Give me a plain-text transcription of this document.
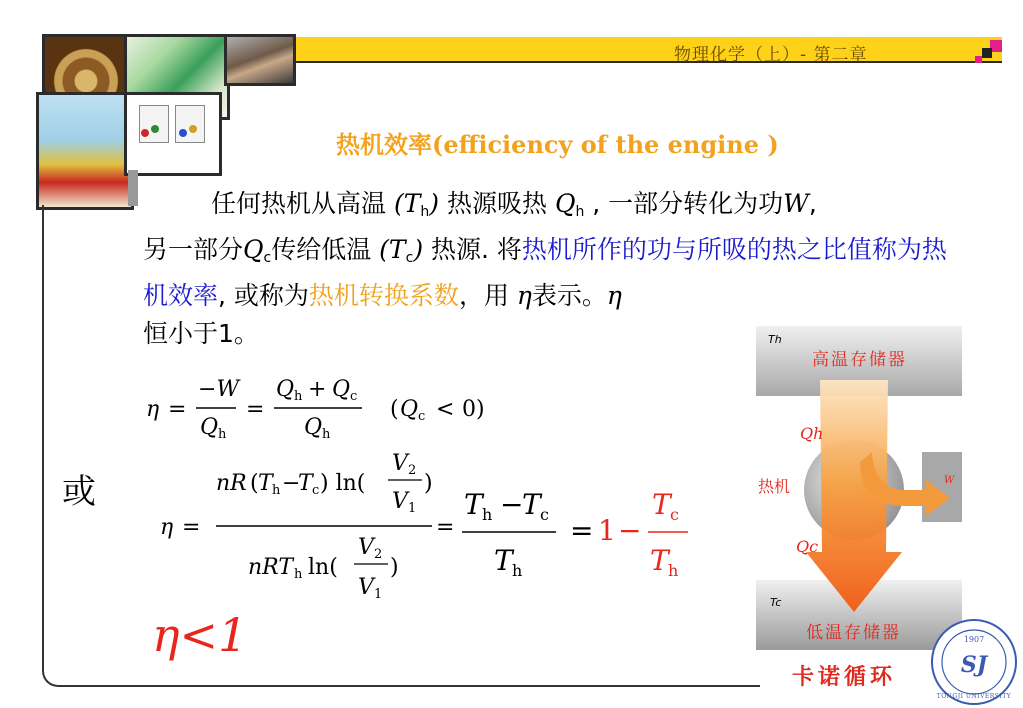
物理化学（上）- 第二章
热机效率(efficiency of the engine )
任何热机从高温 $(T_h)$ 热源吸热 $Q_h$ , 一部分转化为功W,
另一部分$Q_c$传给低温 $(T_c)$ 热源. 将热机所作的功与所吸的热之比值称为热机效率, 或称为热机转换系数，用 η表示。η
恒小于1。
η =
−W
Q h
=
Q h + Q c
Q h
( Q c < 0)
或
η =
nR ( T h −
T c ) ln(
V 2
V 1
)
nRT h ln(
V 2
V 1
)
=
T h −
T c
T h
= 1 −
T c
T h
η<1
Th
高温存储器
Qh
热机	W
Qc
Tc
低温存储器
卡诺循环
1907
SJ
TONGJI UNIVERSITY
